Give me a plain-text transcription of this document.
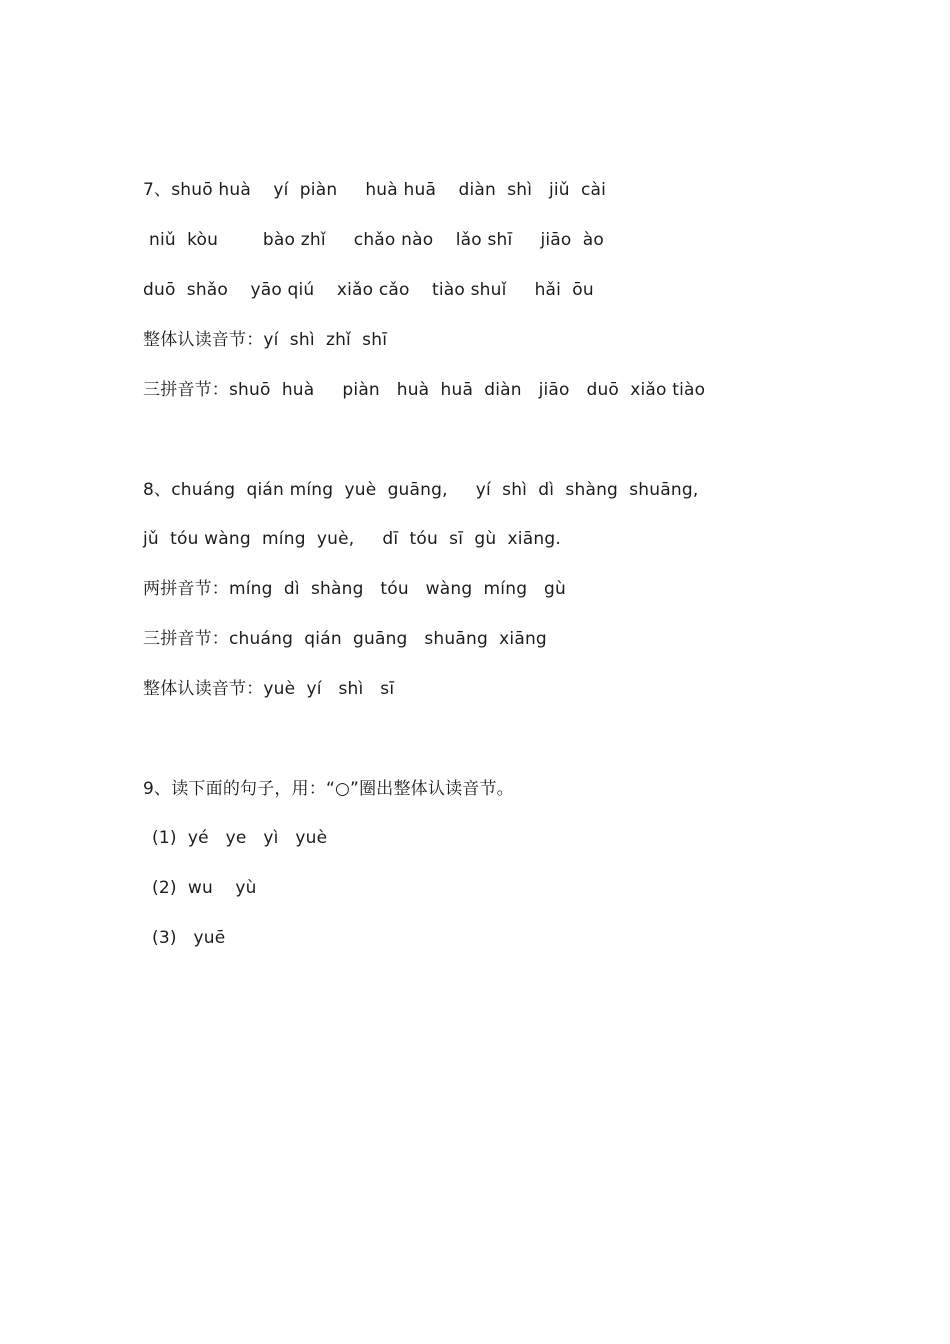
7、shuō huà    yí  piàn     huà huā    diàn  shì   jiǔ  cài
niǔ  kòu        bào zhǐ     chǎo nào    lǎo shī     jiāo  ào
duō  shǎo    yāo qiú    xiǎo cǎo    tiào shuǐ     hǎi  ōu
整体认读音节：yí  shì  zhǐ  shī
三拼音节：shuō  huà     piàn   huà  huā  diàn   jiāo   duō  xiǎo tiào
8、chuáng  qián míng  yuè  guāng,     yí  shì  dì  shàng  shuāng,
jǔ  tóu wàng  míng  yuè,     dī  tóu  sī  gù  xiāng.
两拼音节：míng  dì  shàng   tóu   wàng  míng   gù
三拼音节：chuáng  qián  guāng   shuāng  xiāng
整体认读音节：yuè  yí   shì   sī
9、读下面的句子，用：“○”圈出整体认读音节。
(1)  yé   ye   yì   yuè
(2)  wu    yù
(3)   yuē
